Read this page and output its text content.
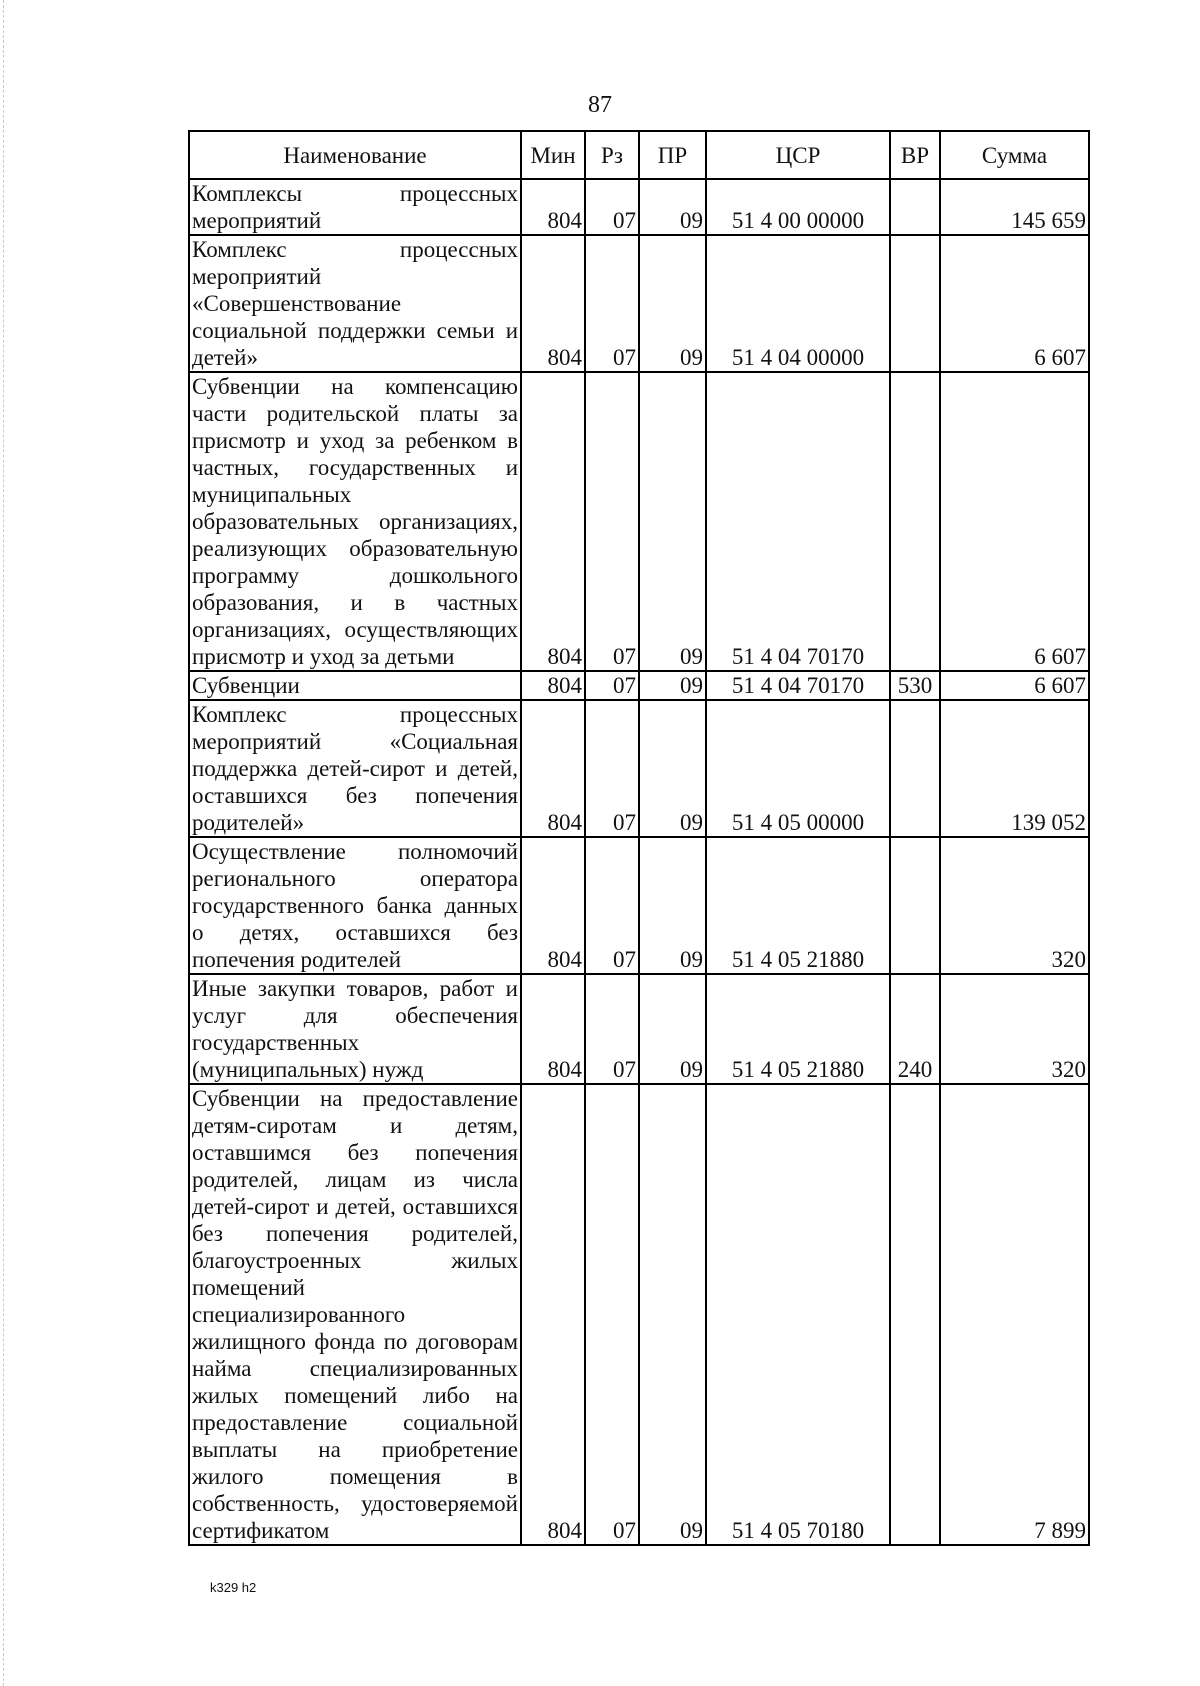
87
Наименование	Мин	Рз	ПР	ЦСР	ВР	Сумма
Комплексы процессных мероприятий	804	07	09	51 4 00 00000		145 659
Комплекс процессных мероприятий «Совершенствование социальной поддержки семьи и детей»	804	07	09	51 4 04 00000		6 607
Субвенции на компенсацию части родительской платы за присмотр и уход за ребенком в частных, государственных и муниципальных образовательных организациях, реализующих образовательную программу дошкольного образования, и в частных организациях, осуществляющих присмотр и уход за детьми	804	07	09	51 4 04 70170		6 607
Субвенции	804	07	09	51 4 04 70170	530	6 607
Комплекс процессных мероприятий «Социальная поддержка детей-сирот и детей, оставшихся без попечения родителей»	804	07	09	51 4 05 00000		139 052
Осуществление полномочий регионального оператора государственного банка данных о детях, оставшихся без попечения родителей	804	07	09	51 4 05 21880		320
Иные закупки товаров, работ и услуг для обеспечения государственных (муниципальных) нужд	804	07	09	51 4 05 21880	240	320
Субвенции на предоставление детям-сиротам и детям, оставшимся без попечения родителей, лицам из числа детей-сирот и детей, оставшихся без попечения родителей, благоустроенных жилых помещений специализированного жилищного фонда по договорам найма специализированных жилых помещений либо на предоставление социальной выплаты на приобретение жилого помещения в собственность, удостоверяемой сертификатом	804	07	09	51 4 05 70180		7 899
k329 h2
